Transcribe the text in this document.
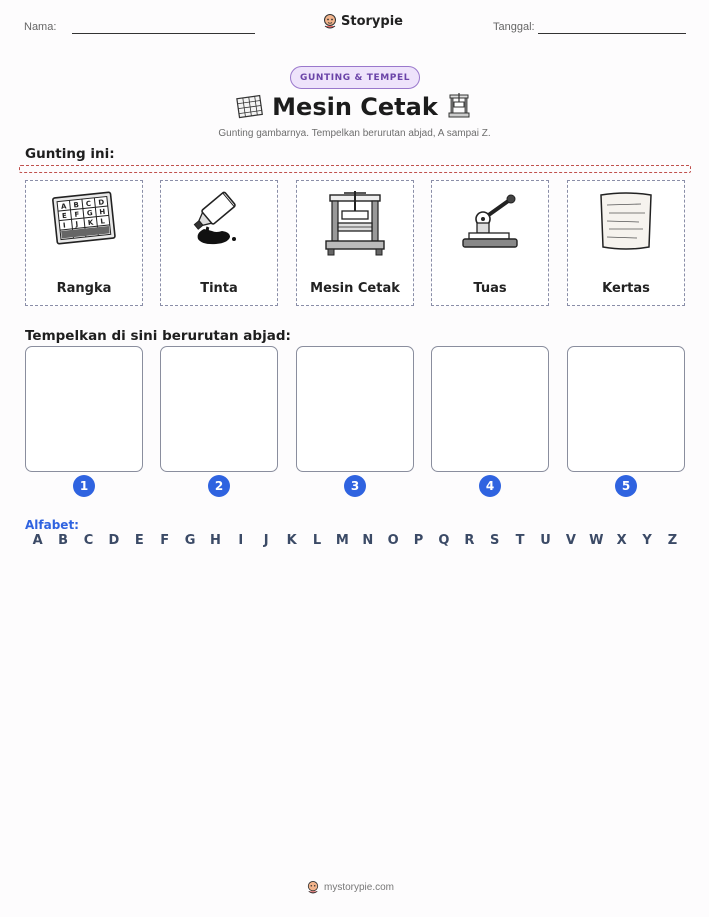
Nama:	Storypie	Tanggal:
GUNTING & TEMPEL
Mesin Cetak
Gunting gambarnya. Tempelkan berurutan abjad, A sampai Z.
Gunting ini:
A B C D
E F G H
I J K L
Rangka	Tinta	Mesin Cetak	Tuas	Kertas
Tempelkan di sini berurutan abjad:
1	2	3	4	5
Alfabet:
A	B	C	D	E	F	G	H	I	J	K	L	M	N	O	P	Q	R	S	T	U	V	W	X	Y	Z
mystorypie.com
